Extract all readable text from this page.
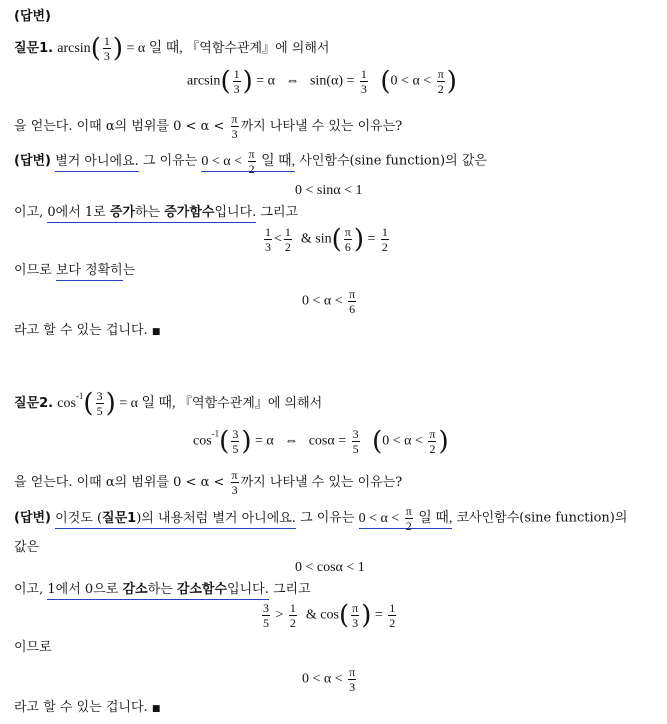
(답변)
질문1. $\arcsin( \frac{1}{3}$ ) = α 일 때, 『역함수관계』에 의해서
$\arcsin( \frac{1}{3}$ ) = α ⇔ $\sin(\alpha) = \frac{1}{3} (0 < \alpha < \frac{\pi}{2}$ )
을 얻는다. 이때 α의 범위를 $0 < \alpha < \frac{\pi}{3}$ 까지 나타낼 수 있는 이유는?
(답변) 별거 아니에요. 그 이유는 $0 < \alpha < \frac{\pi}{2}$ 일 때, 사인함수(sine function)의 값은
0 < sinα < 1
이고, 0에서 1로 증가하는 증가함수입니다. 그리고
$\frac{1}{3} < \frac{1}{2}$ & $\sin( \frac{\pi}{6}$ ) = $\frac{1}{2}$
이므로 보다 정확히는
$0 < \alpha < \frac{\pi}{6}$
라고 할 수 있는 겁니다. ■
질문2. $\cos^{-1}( \frac{3}{5}$ ) = α 일 때, 『역함수관계』에 의해서
$\cos^{-1}( \frac{3}{5}$ ) = α ⇔ $\cos\alpha = \frac{3}{5} (0 < \alpha < \frac{\pi}{2}$ )
을 얻는다. 이때 α의 범위를 $0 < \alpha < \frac{\pi}{3}$ 까지 나타낼 수 있는 이유는?
(답변) 이것도 (질문1)의 내용처럼 별거 아니에요. 그 이유는 $0 < \alpha < \frac{\pi}{2}$ 일 때, 코사인함수(sine function)의
값은
0 < cosα < 1
이고, 1에서 0으로 감소하는 감소함수입니다. 그리고
$\frac{3}{5} > \frac{1}{2}$ & $\cos( \frac{\pi}{3}$ ) = $\frac{1}{2}$
이므로
$0 < \alpha < \frac{\pi}{3}$
라고 할 수 있는 겁니다. ■
